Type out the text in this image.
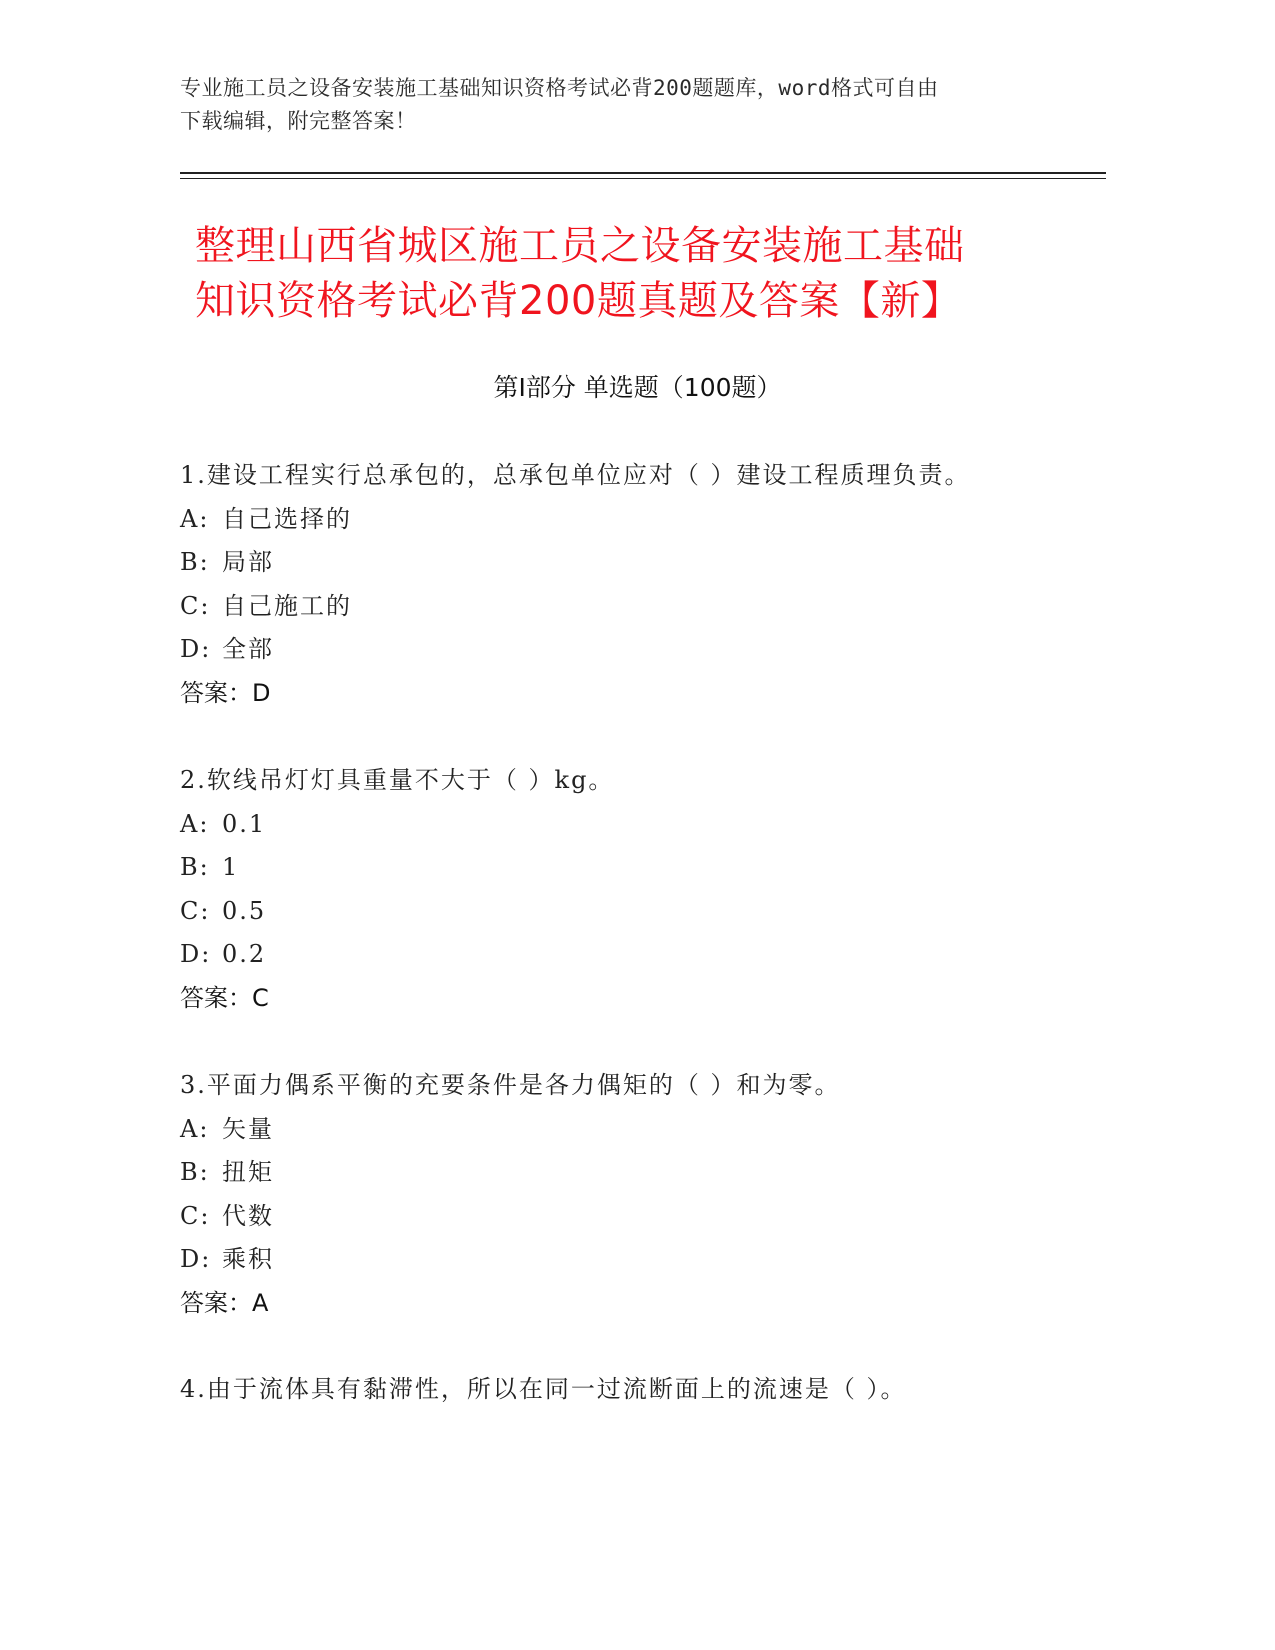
专业施工员之设备安装施工基础知识资格考试必背200题题库，word格式可自由
下载编辑，附完整答案！
整理山西省城区施工员之设备安装施工基础
知识资格考试必背200题真题及答案【新】
第Ⅰ部分 单选题（100题）
1.建设工程实行总承包的，总承包单位应对（ ）建设工程质理负责。
A: 自己选择的
B: 局部
C: 自己施工的
D: 全部
答案：D
2.软线吊灯灯具重量不大于（ ）kg。
A: 0.1
B: 1
C: 0.5
D: 0.2
答案：C
3.平面力偶系平衡的充要条件是各力偶矩的（ ）和为零。
A: 矢量
B: 扭矩
C: 代数
D: 乘积
答案：A
4.由于流体具有黏滞性，所以在同一过流断面上的流速是（ ）。
